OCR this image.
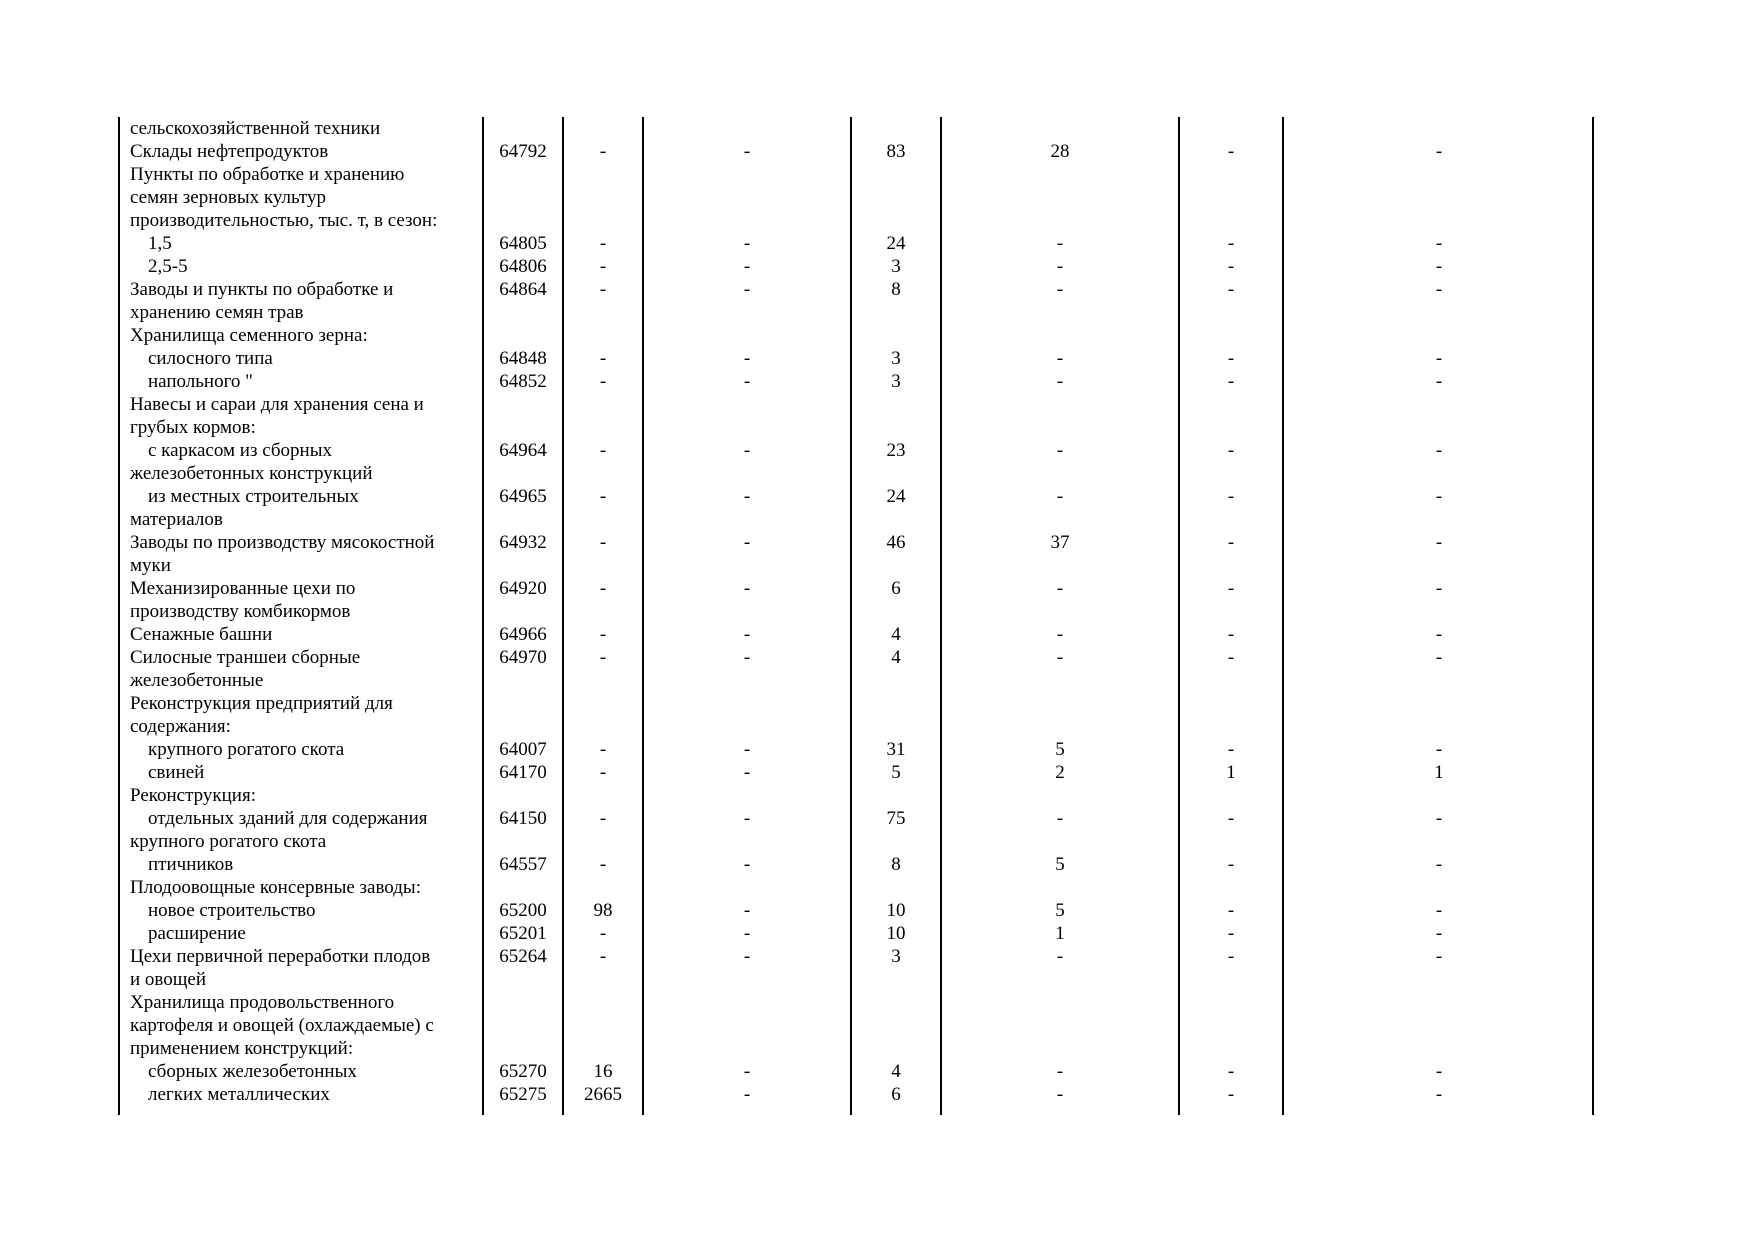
сельскохозяйственной техники
Склады нефтепродуктов	64792	-	-	83	28	-	-
Пункты по обработке и хранению
семян зерновых культур
производительностью, тыс. т, в сезон:
1,5	64805	-	-	24	-	-	-
2,5-5	64806	-	-	3	-	-	-
Заводы и пункты по обработке и	64864	-	-	8	-	-	-
хранению семян трав
Хранилища семенного зерна:
силосного типа	64848	-	-	3	-	-	-
напольного "	64852	-	-	3	-	-	-
Навесы и сараи для хранения сена и
грубых кормов:
с каркасом из сборных	64964	-	-	23	-	-	-
железобетонных конструкций
из местных строительных	64965	-	-	24	-	-	-
материалов
Заводы по производству мясокостной	64932	-	-	46	37	-	-
муки
Механизированные цехи по	64920	-	-	6	-	-	-
производству комбикормов
Сенажные башни	64966	-	-	4	-	-	-
Силосные траншеи сборные	64970	-	-	4	-	-	-
железобетонные
Реконструкция предприятий для
содержания:
крупного рогатого скота	64007	-	-	31	5	-	-
свиней	64170	-	-	5	2	1	1
Реконструкция:
отдельных зданий для содержания	64150	-	-	75	-	-	-
крупного рогатого скота
птичников	64557	-	-	8	5	-	-
Плодоовощные консервные заводы:
новое строительство	65200	98	-	10	5	-	-
расширение	65201	-	-	10	1	-	-
Цехи первичной переработки плодов	65264	-	-	3	-	-	-
и овощей
Хранилища продовольственного
картофеля и овощей (охлаждаемые) с
применением конструкций:
сборных железобетонных	65270	16	-	4	-	-	-
легких металлических	65275	2665	-	6	-	-	-
